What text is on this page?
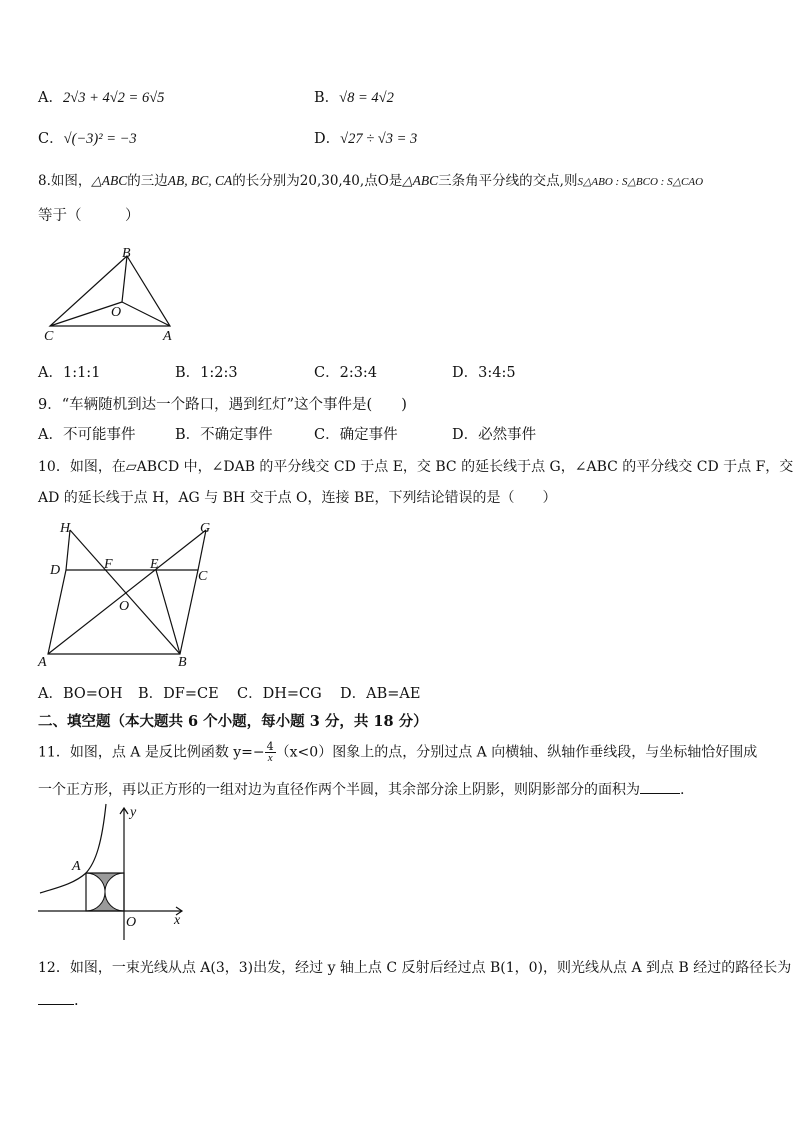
A．2√3 + 4√2 = 6√5	B．√8 = 4√2
C．√(−3)² = −3	D．√27 ÷ √3 = 3
8.如图，△ABC的三边AB, BC, CA的长分别为20,30,40,点O是△ABC三条角平分线的交点,则S△ABO : S△BCO : S△CAO
等于（　　　）
B
O
C	A
A．1:1:1	B．1:2:3	C．2:3:4	D．3:4:5
9．“车辆随机到达一个路口，遇到红灯”这个事件是(　　)
A．不可能事件	B．不确定事件	C．确定事件	D．必然事件
10．如图，在▱ABCD 中，∠DAB 的平分线交 CD 于点 E，交 BC 的延长线于点 G，∠ABC 的平分线交 CD 于点 F，交
AD 的延长线于点 H，AG 与 BH 交于点 O，连接 BE，下列结论错误的是（　　）
H	G
D	F	E
C
O
A	B
A．BO=OH B．DF=CE C．DH=CG D．AB=AE
二、填空题（本大题共 6 个小题，每小题 3 分，共 18 分）
11．如图，点 A 是反比例函数 $y=- \frac{4}{x} (x<0)$图象上的点，分别过点 A 向横轴、纵轴作垂线段，与坐标轴恰好围成
一个正方形，再以正方形的一组对边为直径作两个半圆，其余部分涂上阴影，则阴影部分的面积为	.
y
A
O	x
12．如图，一束光线从点 A(3，3)出发，经过 y 轴上点 C 反射后经过点 B(1，0)，则光线从点 A 到点 B 经过的路径长为
.
